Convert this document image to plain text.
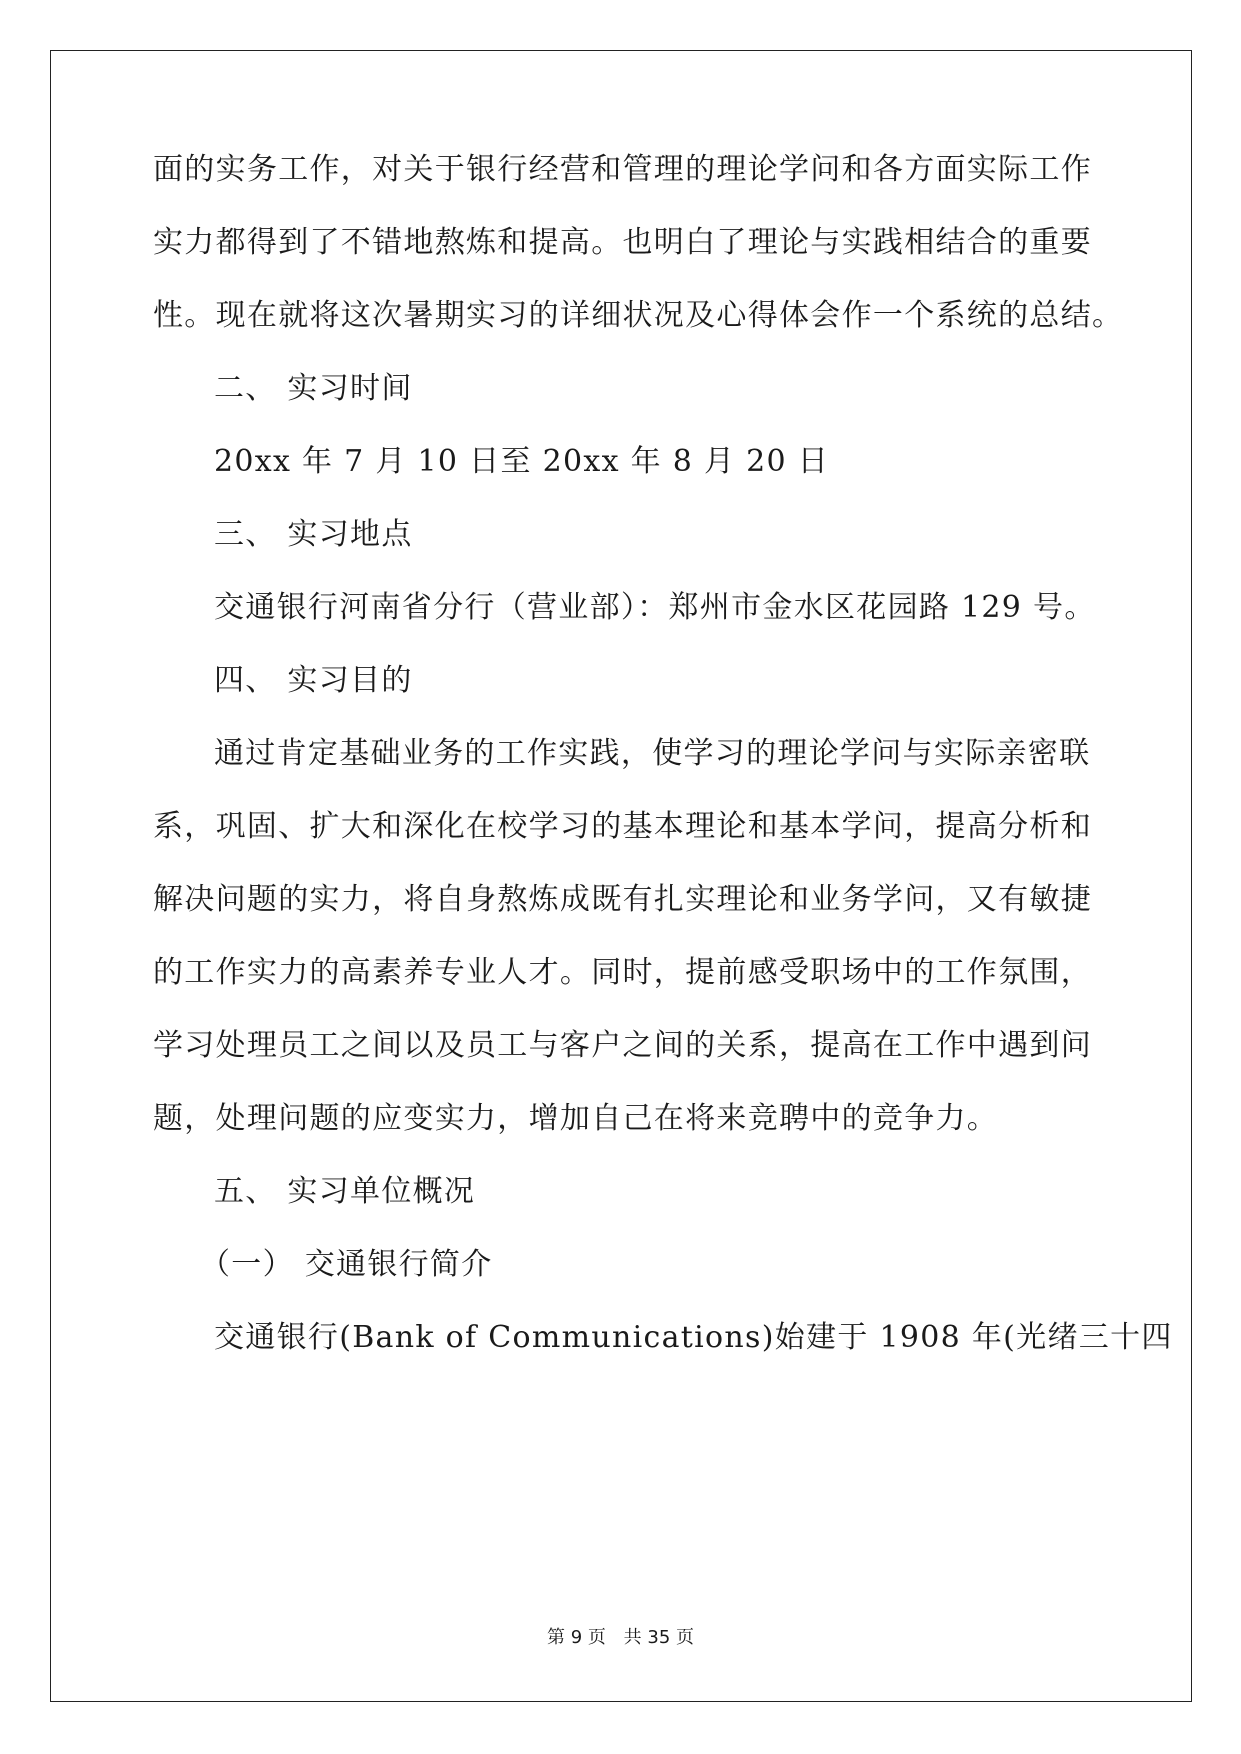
面的实务工作，对关于银行经营和管理的理论学问和各方面实际工作
实力都得到了不错地熬炼和提高。也明白了理论与实践相结合的重要
性。现在就将这次暑期实习的详细状况及心得体会作一个系统的总结。
二、 实习时间
20xx 年 7 月 10 日至 20xx 年 8 月 20 日
三、 实习地点
交通银行河南省分行（营业部）：郑州市金水区花园路 129 号。
四、 实习目的
通过肯定基础业务的工作实践，使学习的理论学问与实际亲密联
系，巩固、扩大和深化在校学习的基本理论和基本学问，提高分析和
解决问题的实力，将自身熬炼成既有扎实理论和业务学问，又有敏捷
的工作实力的高素养专业人才。同时，提前感受职场中的工作氛围，
学习处理员工之间以及员工与客户之间的关系，提高在工作中遇到问
题，处理问题的应变实力，增加自己在将来竞聘中的竞争力。
五、 实习单位概况
（一） 交通银行简介
交通银行(Bank of Communications)始建于 1908 年(光绪三十四
第 9 页 共 35 页
